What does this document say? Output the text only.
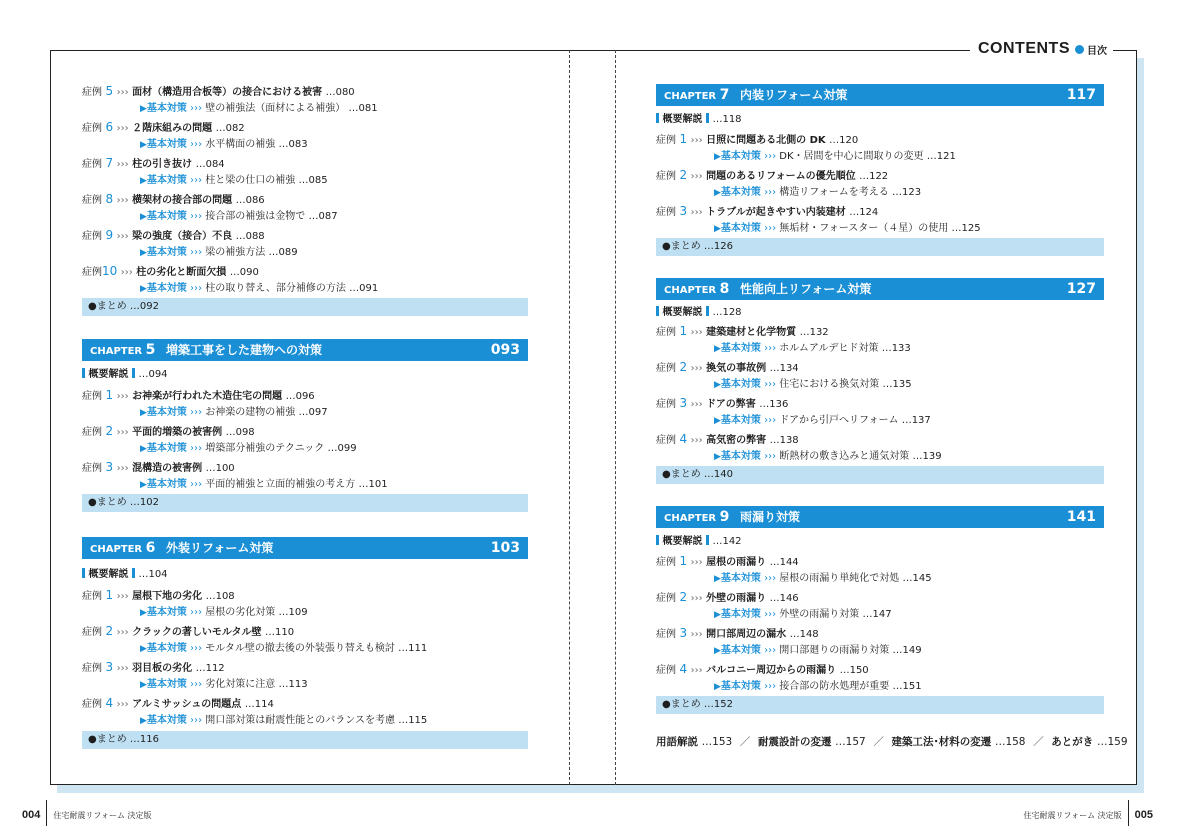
CONTENTS 目次
症例 5 ››› 面材（構造用合板等）の接合における被害 …080
▶基本対策 ››› 壁の補強法（面材による補強） …081
症例 6 ››› ２階床組みの問題 …082
▶基本対策 ››› 水平構面の補強 …083
症例 7 ››› 柱の引き抜け …084
▶基本対策 ››› 柱と梁の仕口の補強 …085
症例 8 ››› 横架材の接合部の問題 …086
▶基本対策 ››› 接合部の補強は金物で …087
症例 9 ››› 梁の強度（接合）不良 …088
▶基本対策 ››› 梁の補強方法 …089
症例10 ››› 柱の劣化と断面欠損 …090
▶基本対策 ››› 柱の取り替え、部分補修の方法 …091
●まとめ …092
CHAPTER 5 増築工事をした建物への対策	093
概要解説 …094
症例 1 ››› お神楽が行われた木造住宅の問題 …096
▶基本対策 ››› お神楽の建物の補強 …097
症例 2 ››› 平面的増築の被害例 …098
▶基本対策 ››› 増築部分補強のテクニック …099
症例 3 ››› 混構造の被害例 …100
▶基本対策 ››› 平面的補強と立面的補強の考え方 …101
●まとめ …102
CHAPTER 6 外装リフォーム対策	103
概要解説 …104
症例 1 ››› 屋根下地の劣化 …108
▶基本対策 ››› 屋根の劣化対策 …109
症例 2 ››› クラックの著しいモルタル壁 …110
▶基本対策 ››› モルタル壁の撤去後の外装張り替えも検討 …111
症例 3 ››› 羽目板の劣化 …112
▶基本対策 ››› 劣化対策に注意 …113
症例 4 ››› アルミサッシュの問題点 …114
▶基本対策 ››› 開口部対策は耐震性能とのバランスを考慮 …115
●まとめ …116
CHAPTER 7 内装リフォーム対策	117
概要解説 …118
症例 1 ››› 日照に問題ある北側の DK …120
▶基本対策 ››› DK・居間を中心に間取りの変更 …121
症例 2 ››› 問題のあるリフォームの優先順位 …122
▶基本対策 ››› 構造リフォームを考える …123
症例 3 ››› トラブルが起きやすい内装建材 …124
▶基本対策 ››› 無垢材・フォースター（４星）の使用 …125
●まとめ …126
CHAPTER 8 性能向上リフォーム対策	127
概要解説 …128
症例 1 ››› 建築建材と化学物質 …132
▶基本対策 ››› ホルムアルデヒド対策 …133
症例 2 ››› 換気の事故例 …134
▶基本対策 ››› 住宅における換気対策 …135
症例 3 ››› ドアの弊害 …136
▶基本対策 ››› ドアから引戸へリフォーム …137
症例 4 ››› 高気密の弊害 …138
▶基本対策 ››› 断熱材の敷き込みと通気対策 …139
●まとめ …140
CHAPTER 9 雨漏り対策	141
概要解説 …142
症例 1 ››› 屋根の雨漏り …144
▶基本対策 ››› 屋根の雨漏り単純化で対処 …145
症例 2 ››› 外壁の雨漏り …146
▶基本対策 ››› 外壁の雨漏り対策 …147
症例 3 ››› 開口部周辺の漏水 …148
▶基本対策 ››› 開口部廻りの雨漏り対策 …149
症例 4 ››› バルコニー周辺からの雨漏り …150
▶基本対策 ››› 接合部の防水処理が重要 …151
●まとめ …152
用語解説 …153 ／ 耐震設計の変遷 …157 ／ 建築工法･材料の変遷 …158 ／ あとがき …159
004 住宅耐震リフォーム 決定版	住宅耐震リフォーム 決定版 005
